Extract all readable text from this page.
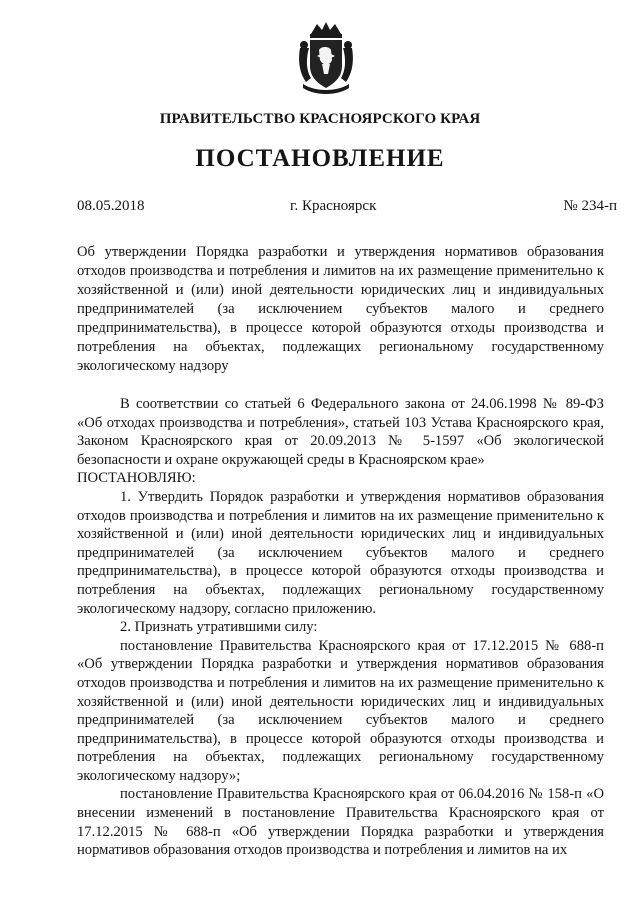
ПРАВИТЕЛЬСТВО КРАСНОЯРСКОГО КРАЯ
ПОСТАНОВЛЕНИЕ
08.05.2018	г. Красноярск	№ 234-п
Об утверждении Порядка разработки и утверждения нормативов образования отходов производства и потребления и лимитов на их размещение применительно к хозяйственной и (или) иной деятельности юридических лиц и индивидуальных предпринимателей (за исключением субъектов малого и среднего предпринимательства), в процессе которой образуются отходы производства и потребления на объектах, подлежащих региональному государственному экологическому надзору

В соответствии со статьей 6 Федерального закона от 24.06.1998 № 89-ФЗ «Об отходах производства и потребления», статьей 103 Устава Красноярского края, Законом Красноярского края от 20.09.2013 № 5-1597 «Об экологической безопасности и охране окружающей среды в Красноярском крае»

ПОСТАНОВЛЯЮ:

1. Утвердить Порядок разработки и утверждения нормативов образования отходов производства и потребления и лимитов на их размещение применительно к хозяйственной и (или) иной деятельности юридических лиц и индивидуальных предпринимателей (за исключением субъектов малого и среднего предпринимательства), в процессе которой образуются отходы производства и потребления на объектах, подлежащих региональному государственному экологическому надзору, согласно приложению.

2. Признать утратившими силу:

постановление Правительства Красноярского края от 17.12.2015 № 688-п «Об утверждении Порядка разработки и утверждения нормативов образования отходов производства и потребления и лимитов на их размещение применительно к хозяйственной и (или) иной деятельности юридических лиц и индивидуальных предпринимателей (за исключением субъектов малого и среднего предпринимательства), в процессе которой образуются отходы производства и потребления на объектах, подлежащих региональному государственному экологическому надзору»;

постановление Правительства Красноярского края от 06.04.2016 № 158-п «О внесении изменений в постановление Правительства Красноярского края от 17.12.2015 № 688-п «Об утверждении Порядка разработки и утверждения нормативов образования отходов производства и потребления и лимитов на их
